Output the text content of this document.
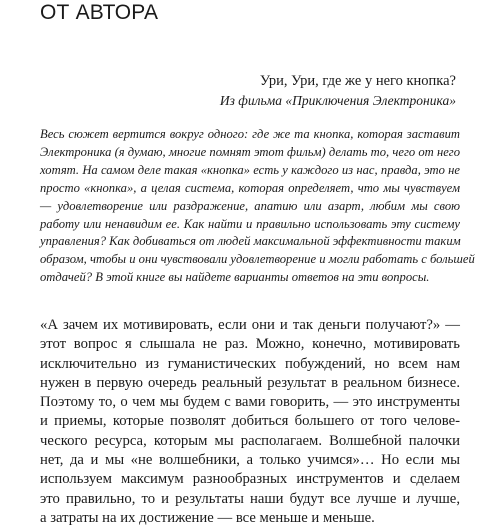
ОТ АВТОРА
Ури, Ури, где же у него кнопка?
Из фильма «Приключения Электроника»
Весь сюжет вертится вокруг одного: где же та кнопка, которая заставит
Электроника (я думаю, многие помнят этот фильм) делать то, чего от него
хотят. На самом деле такая «кнопка» есть у каждого из нас, правда, это не
просто «кнопка», а целая система, которая определяет, что мы чувствуем
— удовлетворение или раздражение, апатию или азарт, любим мы свою
работу или ненавидим ее. Как найти и правильно использовать эту систему
управления? Как добиваться от людей максимальной эффективности таким
образом, чтобы и они чувствовали удовлетворение и могли работать с большей
отдачей? В этой книге вы найдете варианты ответов на эти вопросы.
«А зачем их мотивировать, если они и так деньги получают?» —
этот вопрос я слышала не раз. Можно, конечно, мотивировать
исключительно из гуманистических побуждений, но всем нам
нужен в первую очередь реальный результат в реальном бизнесе.
Поэтому то, о чем мы будем с вами говорить, — это инструменты
и приемы, которые позволят добиться большего от того челове-
ческого ресурса, которым мы располагаем. Волшебной палочки
нет, да и мы «не волшебники, а только учимся»… Но если мы
используем максимум разнообразных инструментов и сделаем
это правильно, то и результаты наши будут все лучше и лучше,
а затраты на их достижение — все меньше и меньше.
